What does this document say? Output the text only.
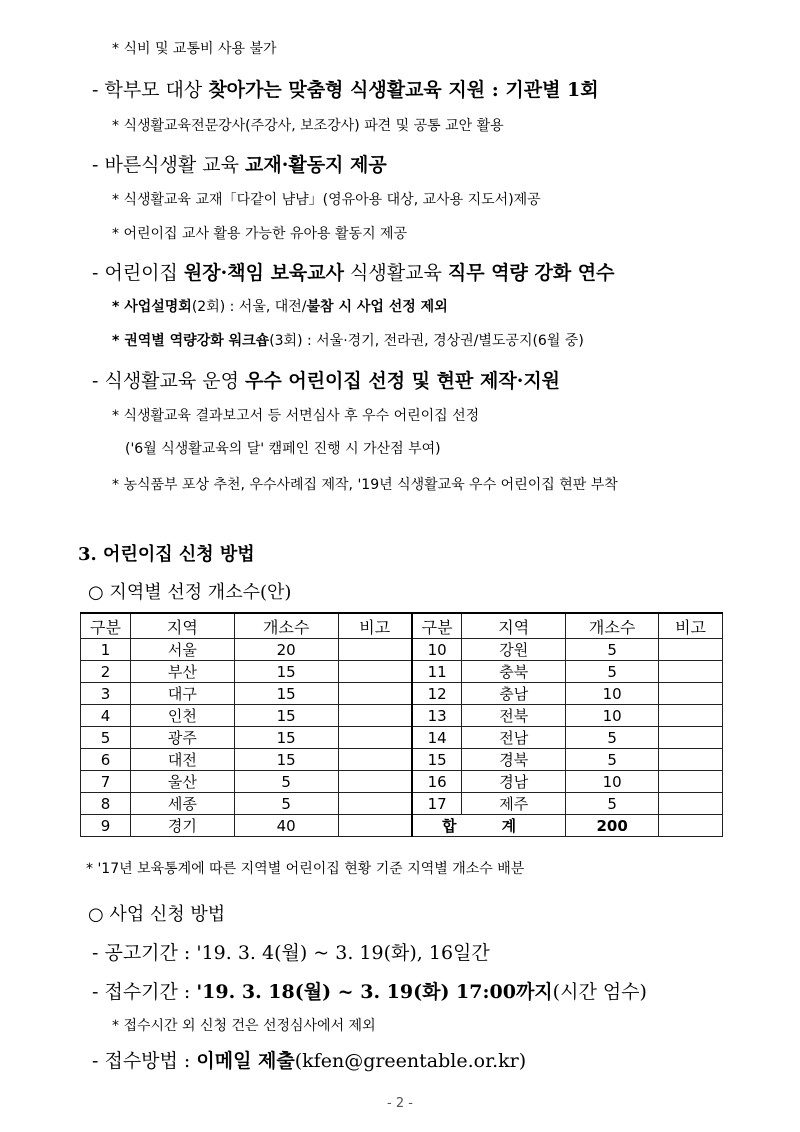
* 식비 및 교통비 사용 불가
- 학부모 대상 찾아가는 맞춤형 식생활교육 지원 : 기관별 1회
* 식생활교육전문강사(주강사, 보조강사) 파견 및 공통 교안 활용
- 바른식생활 교육 교재·활동지 제공
* 식생활교육 교재「다같이 냠냠」(영유아용 대상, 교사용 지도서)제공
* 어린이집 교사 활용 가능한 유아용 활동지 제공
- 어린이집 원장·책임 보육교사 식생활교육 직무 역량 강화 연수
* 사업설명회(2회) : 서울, 대전/불참 시 사업 선정 제외
* 권역별 역량강화 워크숍(3회) : 서울·경기, 전라권, 경상권/별도공지(6월 중)
- 식생활교육 운영 우수 어린이집 선정 및 현판 제작·지원
* 식생활교육 결과보고서 등 서면심사 후 우수 어린이집 선정
('6월 식생활교육의 달' 캠페인 진행 시 가산점 부여)
* 농식품부 포상 추천, 우수사례집 제작, '19년 식생활교육 우수 어린이집 현판 부착
3. 어린이집 신청 방법
○ 지역별 선정 개소수(안)
구분	지역	개소수	비고	구분	지역	개소수	비고
1	서울	20		10	강원	5	
2	부산	15		11	충북	5	
3	대구	15		12	충남	10	
4	인천	15		13	전북	10	
5	광주	15		14	전남	5	
6	대전	15		15	경북	5	
7	울산	5		16	경남	10	
8	세종	5		17	제주	5	
9	경기	40		합 계		200	
* '17년 보육통계에 따른 지역별 어린이집 현황 기준 지역별 개소수 배분
○ 사업 신청 방법
- 공고기간 : '19. 3. 4(월) ~ 3. 19(화), 16일간
- 접수기간 : '19. 3. 18(월) ~ 3. 19(화) 17:00까지(시간 엄수)
* 접수시간 외 신청 건은 선정심사에서 제외
- 접수방법 : 이메일 제출(kfen@greentable.or.kr)
- 2 -
